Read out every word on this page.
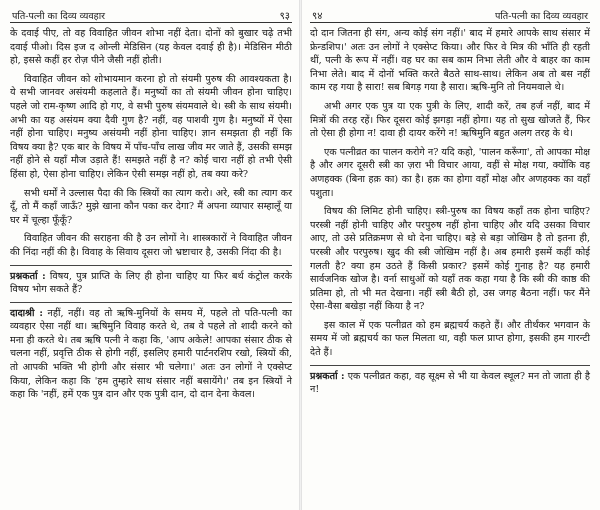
पति-पत्नी का दिव्य व्यवहार	९३

के दवाई पीए, तो वह विवाहित जीवन शोभा नहीं देता। दोनों को बुखार चढ़े तभी दवाई पीओ। दिस इज द ओन्ली मेडिसिन (यह केवल दवाई ही है)। मेडिसिन मीठी हो, इससे कहीं हर रोज़ पीने जैसी नहीं होती।

विवाहित जीवन को शोभायमान करना हो तो संयमी पुरुष की आवश्यकता है। ये सभी जानवर असंयमी कहलाते हैं। मनुष्यों का तो संयमी जीवन होना चाहिए। पहले जो राम-कृष्ण आदि हो गए, वे सभी पुरुष संयमवाले थे। स्त्री के साथ संयमी। अभी का यह असंयम क्या दैवी गुण है? नहीं, वह पाशवी गुण है। मनुष्यों में ऐसा नहीं होना चाहिए। मनुष्य असंयमी नहीं होना चाहिए। ज्ञान समझता ही नहीं कि विषय क्या है? एक बार के विषय में पाँच-पाँच लाख जीव मर जाते हैं, उसकी समझ नहीं होने से यहाँ मौज उड़ाते हैं! समझते नहीं है न? कोई चारा नहीं हो तभी ऐसी हिंसा हो, ऐसा होना चाहिए। लेकिन ऐसी समझ नहीं हो, तब क्या करे?

सभी धर्मों ने उल्लास पैदा की कि स्त्रियों का त्याग करो। अरे, स्त्री का त्याग कर दूँ, तो मैं कहाँ जाऊँ? मुझे खाना कौन पका कर देगा? मैं अपना व्यापार सम्हालूँ या घर में चूल्हा फूँकूँ?

विवाहित जीवन की सराहना की है उन लोगों ने। शास्त्रकारों ने विवाहित जीवन की निंदा नहीं की है। विवाह के सिवाय दूसरा जो भ्रष्टाचार है, उसकी निंदा की है।

प्रश्नकर्ता : विषय, पुत्र प्राप्ति के लिए ही होना चाहिए या फिर बर्थ कंट्रोल करके विषय भोग सकते हैं?

दादाश्री : नहीं, नहीं। वह तो ऋषि-मुनियों के समय में, पहले तो पति-पत्नी का व्यवहार ऐसा नहीं था। ऋषिमुनि विवाह करते थे, तब वे पहले तो शादी करने को मना ही करते थे। तब ऋषि पत्नी ने कहा कि, 'आप अकेले! आपका संसार ठीक से चलना नहीं, प्रवृत्ति ठीक से होगी नहीं, इसलिए हमारी पार्टनरशिप रखो, स्त्रियों की, तो आपकी भक्ति भी होगी और संसार भी चलेगा।' अतः उन लोगों ने एक्सेप्ट किया, लेकिन कहा कि 'हम तुम्हारे साथ संसार नहीं बसायेंगे।' तब इन स्त्रियों ने कहा कि 'नहीं, हमें एक पुत्र दान और एक पुत्री दान, दो दान देना केवल।

९४	पति-पत्नी का दिव्य व्यवहार

दो दान जितना ही संग, अन्य कोई संग नहीं।' बाद में हमारे आपके साथ संसार में फ्रेन्डशिप।' अतः उन लोगों ने एक्सेप्ट किया। और फिर वे मित्र की भाँति ही रहती थीं, पत्नी के रूप में नहीं। वह घर का सब काम निभा लेती और वे बाहर का काम निभा लेते। बाद में दोनों भक्ति करते बैठते साथ-साथ। लेकिन अब तो बस नहीं काम रह गया है सारा! सब बिगड़ गया है सारा। ऋषि-मुनि तो नियमवाले थे।

अभी अगर एक पुत्र या एक पुत्री के लिए, शादी करें, तब हर्ज नहीं, बाद में मित्रों की तरह रहें। फिर दूसरा कोई झगड़ा नहीं होगा। यह तो सुख खोजते हैं, फिर तो ऐसा ही होगा न! दावा ही दायर करेंगे न! ऋषिमुनि बहुत अलग तरह के थे।

एक पत्नीव्रत का पालन करोगे न? यदि कहो, 'पालन करूँगा', तो आपका मोक्ष है और अगर दूसरी स्त्री का ज़रा भी विचार आया, वहीं से मोक्ष गया, क्योंकि वह अणहक्क (बिना हक़ का) का है। हक़ का होगा वहाँ मोक्ष और अणहक्क का वहाँ पशुता।

विषय की लिमिट होनी चाहिए। स्त्री-पुरुष का विषय कहाँ तक होना चाहिए? परस्त्री नहीं होनी चाहिए और परपुरुष नहीं होना चाहिए और यदि उसका विचार आए, तो उसे प्रतिक्रमण से धो देना चाहिए। बड़े से बड़ा जोखिम है तो इतना ही, परस्त्री और परपुरुष। खुद की स्त्री जोखिम नहीं है। अब हमारी इसमें कहीं कोई गलती है? क्या हम उठते हैं किसी प्रकार? इसमें कोई गुनाह है? यह हमारी सार्वजनिक खोज है। वर्ना साधुओं को यहाँ तक कहा गया है कि स्त्री की काष्ठ की प्रतिमा हो, तो भी मत देखना। नहीं स्त्री बैठी हो, उस जगह बैठना नहीं। फर मैंने ऐसा-वैसा बखेड़ा नहीं किया है न?

इस काल में एक पत्नीव्रत को हम ब्रह्मचर्य कहते हैं। और तीर्थंकर भगवान के समय में जो ब्रह्मचर्य का फल मिलता था, वही फल प्राप्त होगा, इसकी हम गारन्टी देते हैं।

प्रश्नकर्ता : एक पत्नीव्रत कहा, वह सूक्ष्म से भी या केवल स्थूल? मन तो जाता ही है न!
